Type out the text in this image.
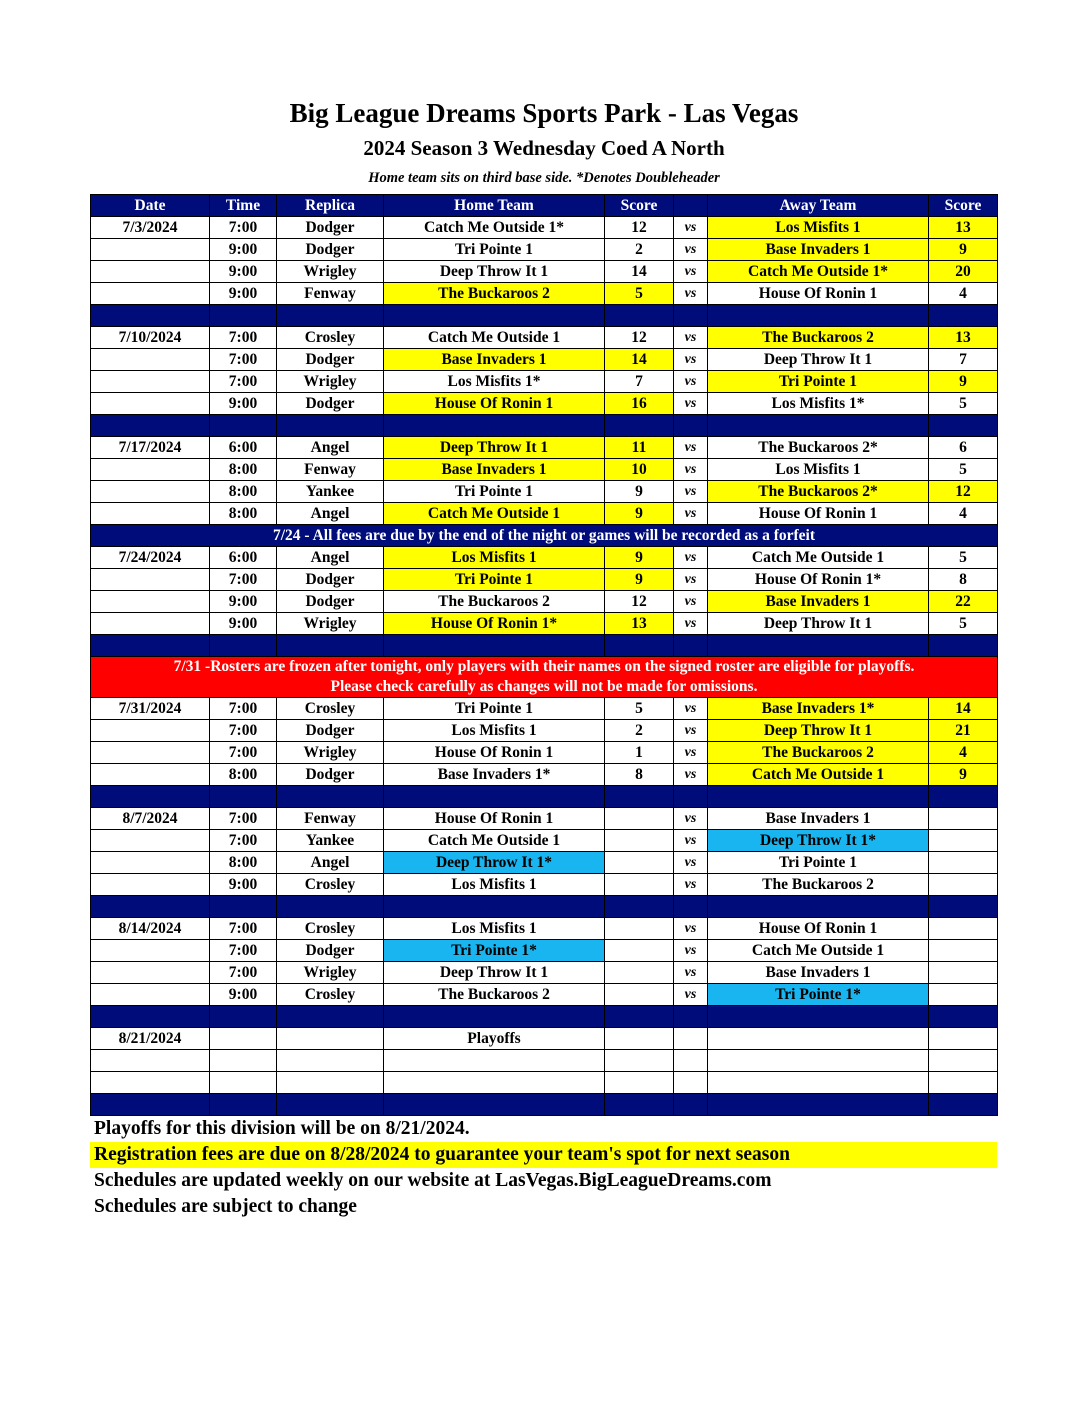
Big League Dreams Sports Park - Las Vegas
2024 Season 3 Wednesday Coed A North
Home team sits on third base side. *Denotes Doubleheader
Date	Time	Replica	Home Team	Score		Away Team	Score
7/3/2024	7:00	Dodger	Catch Me Outside 1*	12	vs	Los Misfits 1	13
	9:00	Dodger	Tri Pointe 1	2	vs	Base Invaders 1	9
	9:00	Wrigley	Deep Throw It 1	14	vs	Catch Me Outside 1*	20
	9:00	Fenway	The Buckaroos 2	5	vs	House Of Ronin 1	4

7/10/2024	7:00	Crosley	Catch Me Outside 1	12	vs	The Buckaroos 2	13
	7:00	Dodger	Base Invaders 1	14	vs	Deep Throw It 1	7
	7:00	Wrigley	Los Misfits 1*	7	vs	Tri Pointe 1	9
	9:00	Dodger	House Of Ronin 1	16	vs	Los Misfits 1*	5

7/17/2024	6:00	Angel	Deep Throw It 1	11	vs	The Buckaroos 2*	6
	8:00	Fenway	Base Invaders 1	10	vs	Los Misfits 1	5
	8:00	Yankee	Tri Pointe 1	9	vs	The Buckaroos 2*	12
	8:00	Angel	Catch Me Outside 1	9	vs	House Of Ronin 1	4
7/24 - All fees are due by the end of the night or games will be recorded as a forfeit							
7/24/2024	6:00	Angel	Los Misfits 1	9	vs	Catch Me Outside 1	5
	7:00	Dodger	Tri Pointe 1	9	vs	House Of Ronin 1*	8
	9:00	Dodger	The Buckaroos 2	12	vs	Base Invaders 1	22
	9:00	Wrigley	House Of Ronin 1*	13	vs	Deep Throw It 1	5

7/31 -Rosters are frozen after tonight, only players with their names on the signed roster are eligible for playoffs.
Please check carefully as changes will not be made for omissions.							

7/31/2024	7:00	Crosley	Tri Pointe 1	5	vs	Base Invaders 1*	14
	7:00	Dodger	Los Misfits 1	2	vs	Deep Throw It 1	21
	7:00	Wrigley	House Of Ronin 1	1	vs	The Buckaroos 2	4
	8:00	Dodger	Base Invaders 1*	8	vs	Catch Me Outside 1	9

8/7/2024	7:00	Fenway	House Of Ronin 1		vs	Base Invaders 1	
	7:00	Yankee	Catch Me Outside 1		vs	Deep Throw It 1*	
	8:00	Angel	Deep Throw It 1*		vs	Tri Pointe 1	
	9:00	Crosley	Los Misfits 1		vs	The Buckaroos 2	

8/14/2024	7:00	Crosley	Los Misfits 1		vs	House Of Ronin 1	
	7:00	Dodger	Tri Pointe 1*		vs	Catch Me Outside 1	
	7:00	Wrigley	Deep Throw It 1		vs	Base Invaders 1	
	9:00	Crosley	The Buckaroos 2		vs	Tri Pointe 1*	

8/21/2024			Playoffs				

Playoffs for this division will be on 8/21/2024.
Registration fees are due on 8/28/2024 to guarantee your team's spot for next season
Schedules are updated weekly on our website at LasVegas.BigLeagueDreams.com
Schedules are subject to change
